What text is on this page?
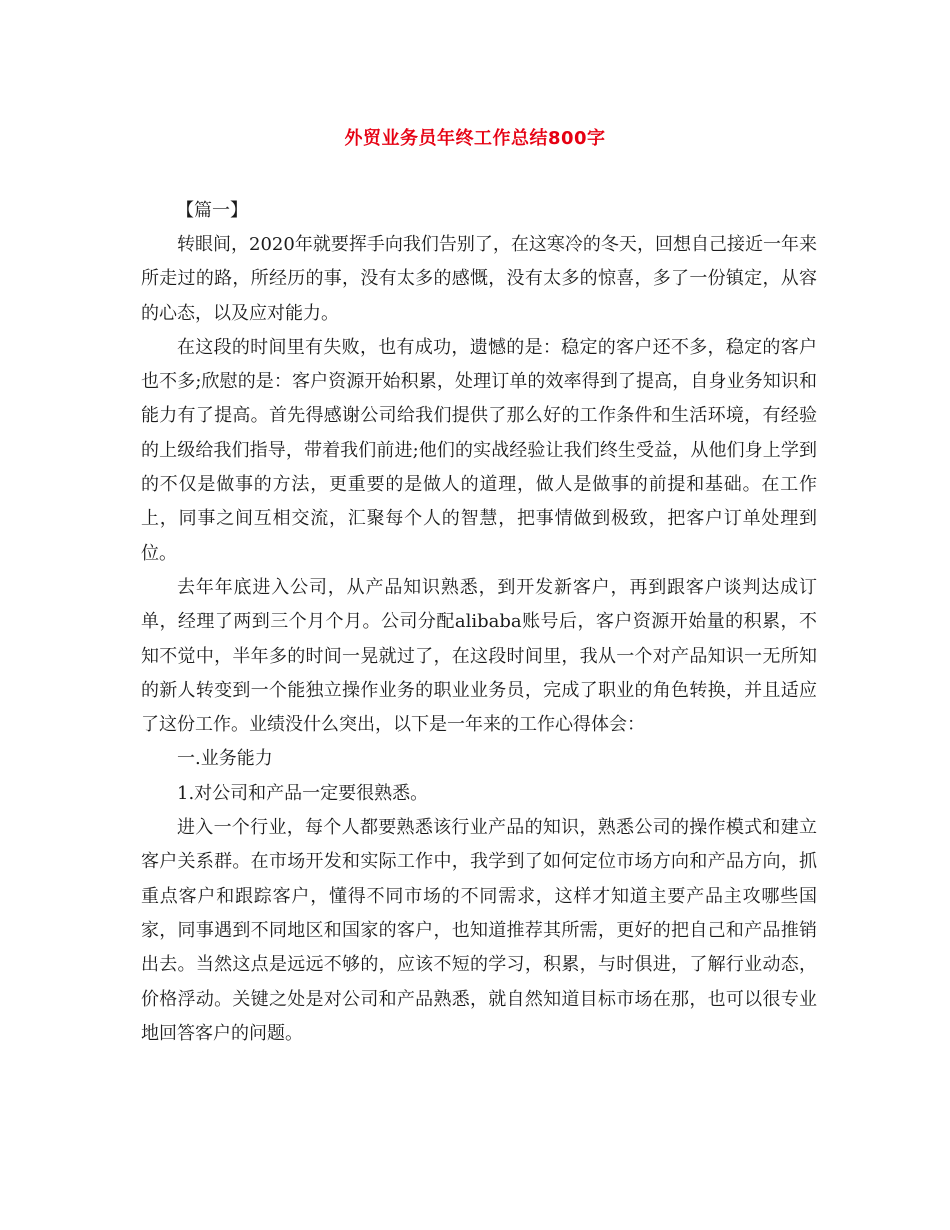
外贸业务员年终工作总结800字
【篇一】

转眼间，2020年就要挥手向我们告别了，在这寒冷的冬天，回想自己接近一年来所走过的路，所经历的事，没有太多的感慨，没有太多的惊喜，多了一份镇定，从容的心态，以及应对能力。

在这段的时间里有失败，也有成功，遗憾的是：稳定的客户还不多，稳定的客户也不多;欣慰的是：客户资源开始积累，处理订单的效率得到了提高，自身业务知识和能力有了提高。首先得感谢公司给我们提供了那么好的工作条件和生活环境，有经验的上级给我们指导，带着我们前进;他们的实战经验让我们终生受益，从他们身上学到的不仅是做事的方法，更重要的是做人的道理，做人是做事的前提和基础。在工作上，同事之间互相交流，汇聚每个人的智慧，把事情做到极致，把客户订单处理到位。

去年年底进入公司，从产品知识熟悉，到开发新客户，再到跟客户谈判达成订单，经理了两到三个月个月。公司分配alibaba账号后，客户资源开始量的积累，不知不觉中，半年多的时间一晃就过了，在这段时间里，我从一个对产品知识一无所知的新人转变到一个能独立操作业务的职业业务员，完成了职业的角色转换，并且适应了这份工作。业绩没什么突出，以下是一年来的工作心得体会：

一.业务能力

1.对公司和产品一定要很熟悉。

进入一个行业，每个人都要熟悉该行业产品的知识，熟悉公司的操作模式和建立客户关系群。在市场开发和实际工作中，我学到了如何定位市场方向和产品方向，抓重点客户和跟踪客户，懂得不同市场的不同需求，这样才知道主要产品主攻哪些国家，同事遇到不同地区和国家的客户，也知道推荐其所需，更好的把自己和产品推销出去。当然这点是远远不够的，应该不短的学习，积累，与时俱进，了解行业动态，价格浮动。关键之处是对公司和产品熟悉，就自然知道目标市场在那，也可以很专业地回答客户的问题。
